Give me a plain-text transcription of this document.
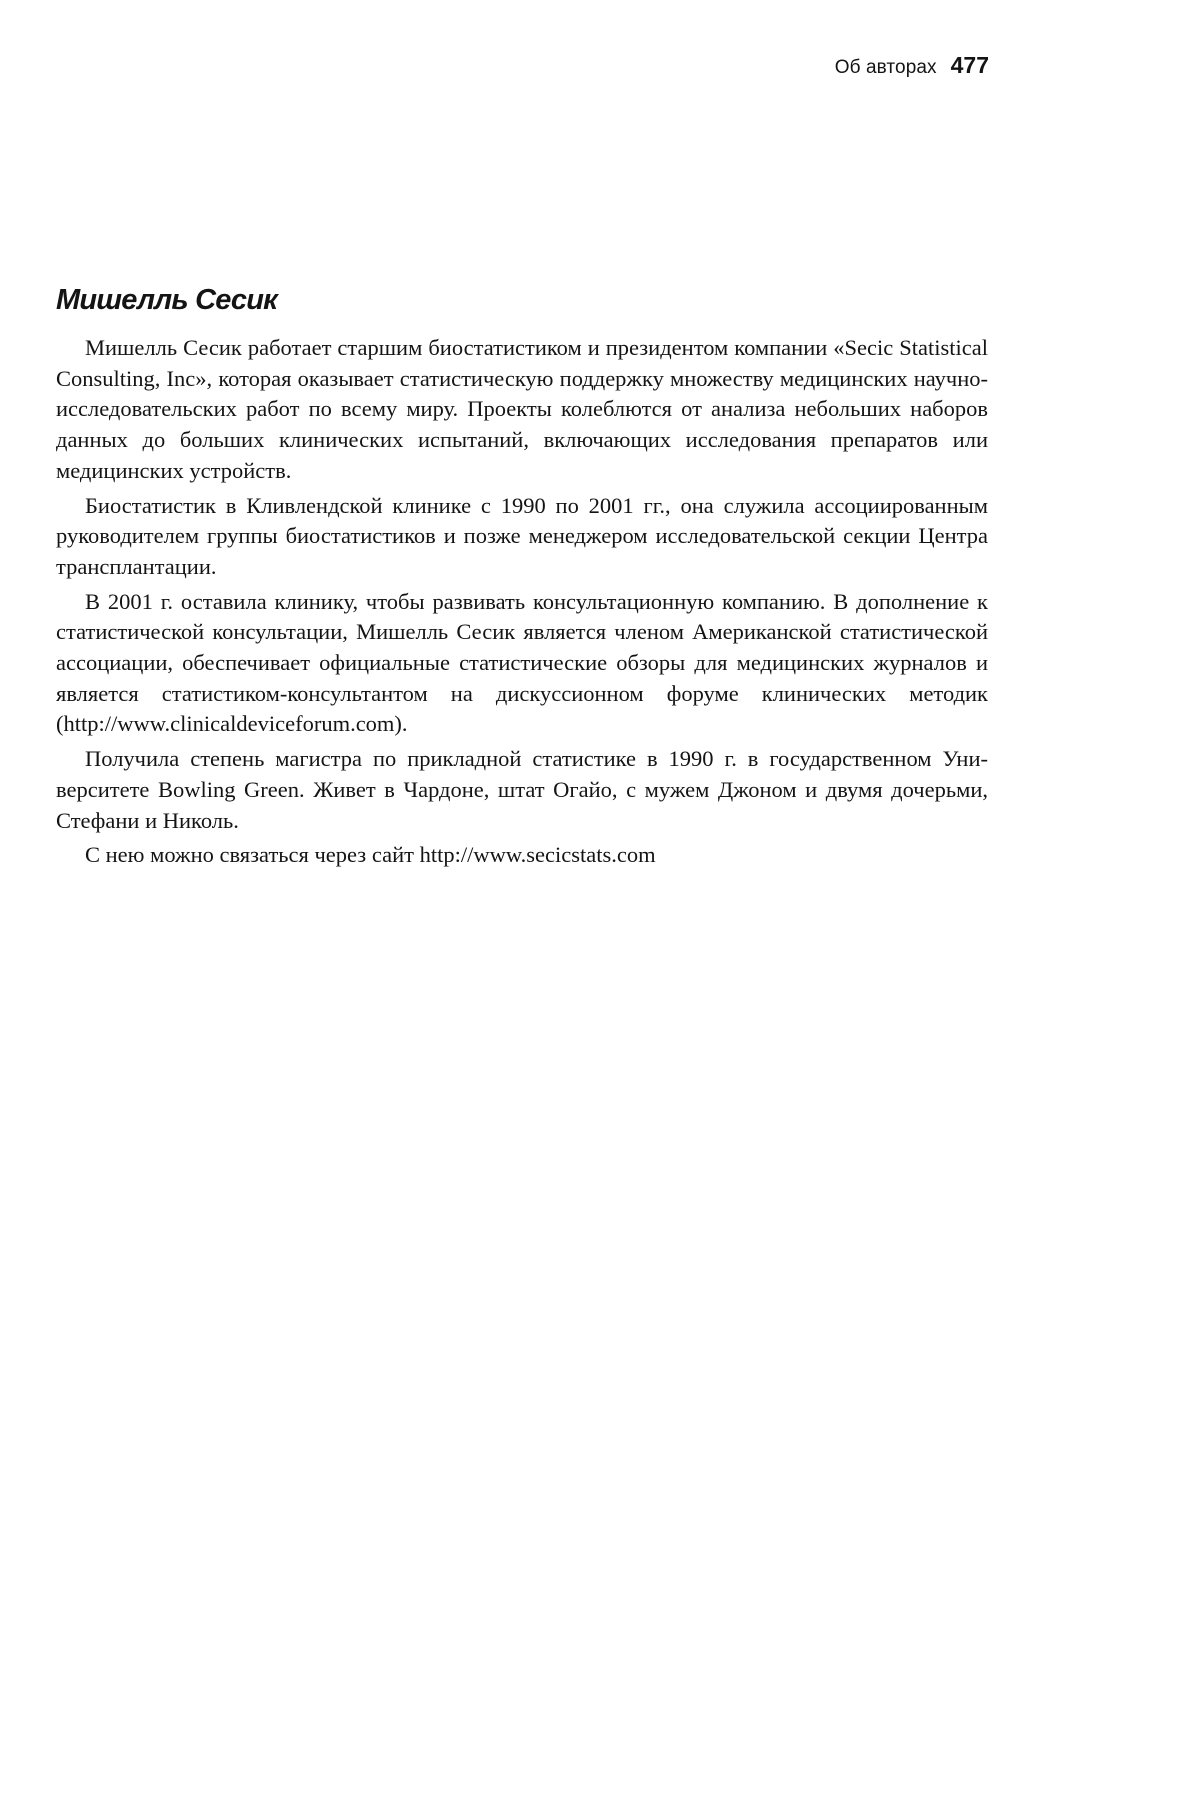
Об авторах 477
Мишелль Сесик

Мишелль Сесик работает старшим биостатистиком и президентом компании «Secic Statistical Consulting, Inc», которая оказывает статистическую поддержку множеству медицинских научно-исследовательских работ по всему миру. Проекты колеблются от анализа небольших наборов данных до больших клинических испытаний, включающих исследования препаратов или медицинских устройств.

Биостатистик в Кливлендской клинике с 1990 по 2001 гг., она служила ассоциированным руководителем группы биостатистиков и позже менеджером исследовательской секции Центра трансплантации.

В 2001 г. оставила клинику, чтобы развивать консультационную компанию. В дополнение к статистической консультации, Мишелль Сесик является членом Американской статистической ассоциации, обеспечивает официальные статистические обзоры для медицинских журналов и является статистиком-консультантом на дискуссионном форуме клинических методик (http://www.clinicaldeviceforum.com).

Получила степень магистра по прикладной статистике в 1990 г. в государственном Университете Bowling Green. Живет в Чардоне, штат Огайо, с мужем Джоном и двумя дочерьми, Стефани и Николь.

С нею можно связаться через сайт http://www.secicstats.com
